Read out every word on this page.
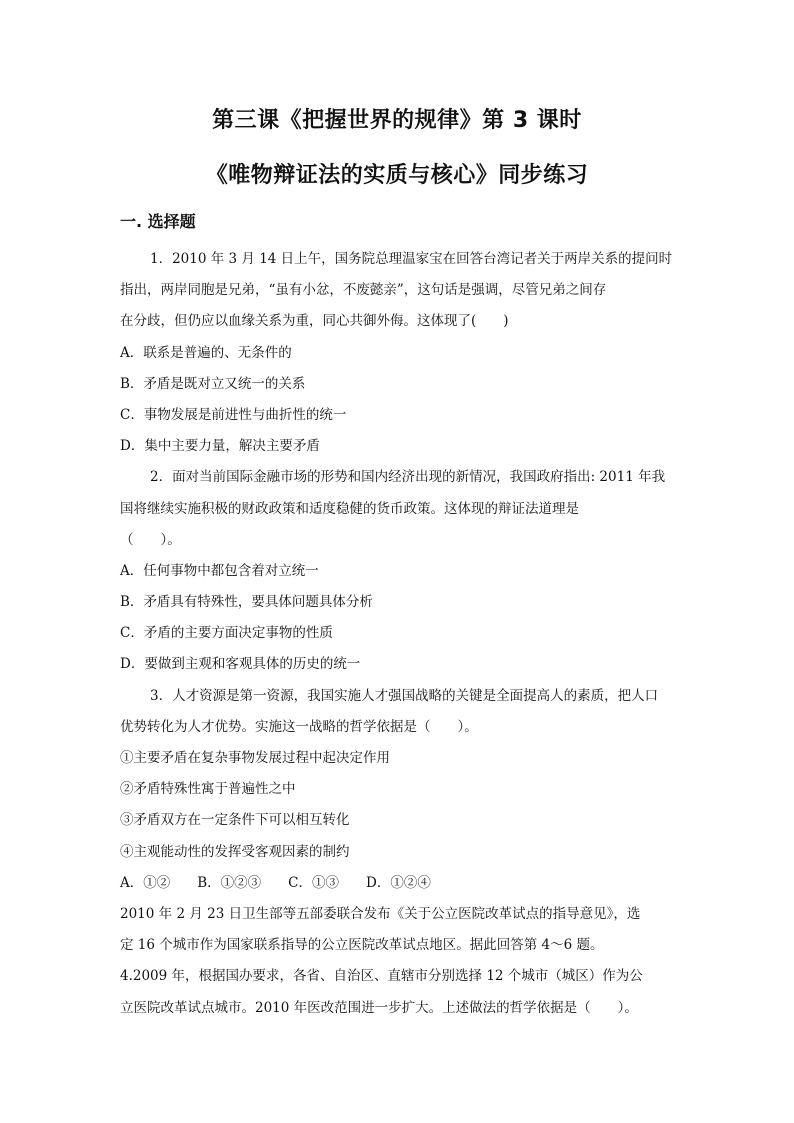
第三课《把握世界的规律》第 3 课时
《唯物辩证法的实质与核心》同步练习
一. 选择题
1．2010 年 3 月 14 日上午，国务院总理温家宝在回答台湾记者关于两岸关系的提问时
指出，两岸同胞是兄弟，“虽有小忿，不废懿亲”，这句话是强调，尽管兄弟之间存
在分歧，但仍应以血缘关系为重，同心共御外侮。这体现了(　　)
A．联系是普遍的、无条件的
B．矛盾是既对立又统一的关系
C．事物发展是前进性与曲折性的统一
D．集中主要力量，解决主要矛盾
2．面对当前国际金融市场的形势和国内经济出现的新情况，我国政府指出: 2011 年我
国将继续实施积极的财政政策和适度稳健的货币政策。这体现的辩证法道理是
（　　）。
A．任何事物中都包含着对立统一
B．矛盾具有特殊性，要具体问题具体分析
C．矛盾的主要方面决定事物的性质
D．要做到主观和客观具体的历史的统一
3．人才资源是第一资源，我国实施人才强国战略的关键是全面提高人的素质，把人口
优势转化为人才优势。实施这一战略的哲学依据是（　　）。
①主要矛盾在复杂事物发展过程中起决定作用
②矛盾特殊性寓于普遍性之中
③矛盾双方在一定条件下可以相互转化
④主观能动性的发挥受客观因素的制约
A．①②　　B．①②③　　C．①③　　D．①②④
2010 年 2 月 23 日卫生部等五部委联合发布《关于公立医院改革试点的指导意见》，选
定 16 个城市作为国家联系指导的公立医院改革试点地区。据此回答第 4～6 题。
4.2009 年，根据国办要求，各省、自治区、直辖市分别选择 12 个城市（城区）作为公
立医院改革试点城市。2010 年医改范围进一步扩大。上述做法的哲学依据是（　　）。
